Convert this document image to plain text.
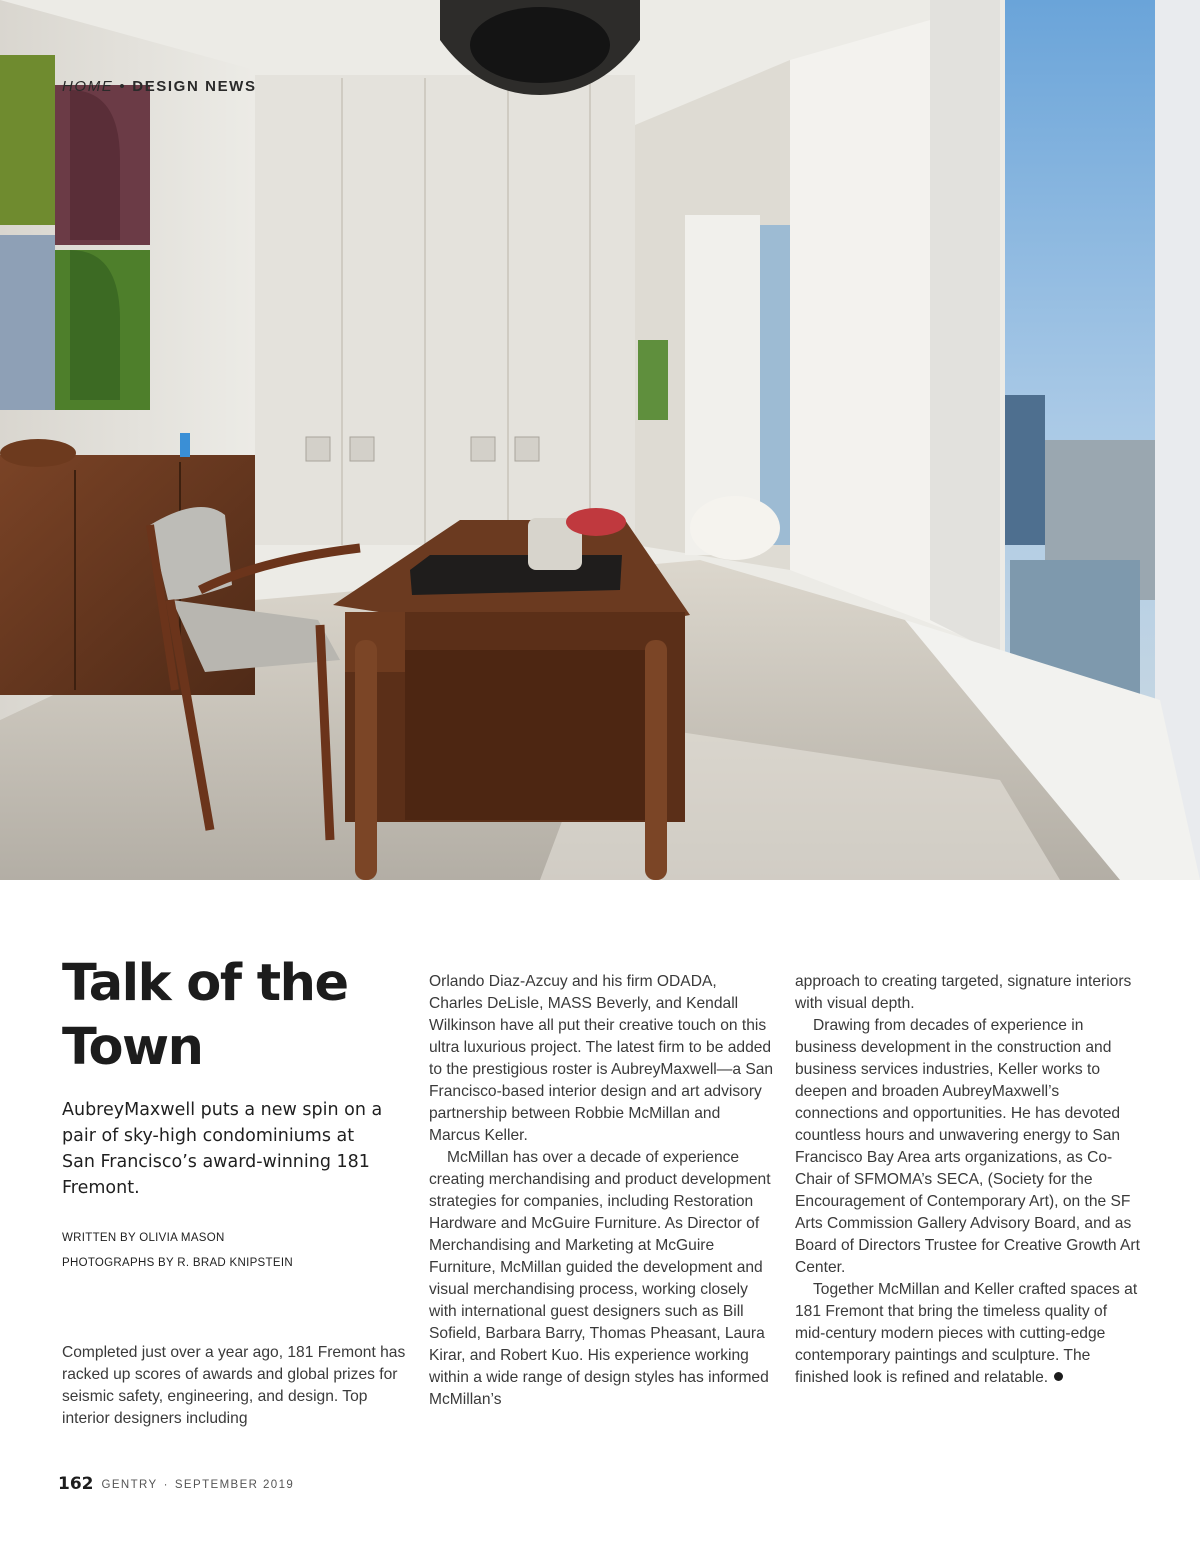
HOME • DESIGN NEWS
Talk of the
Town

AubreyMaxwell puts a new spin on a pair of sky-high condominiums at San Francisco’s award-winning 181 Fremont.

WRITTEN BY OLIVIA MASON
PHOTOGRAPHS BY R. BRAD KNIPSTEIN

Completed just over a year ago, 181 Fremont has racked up scores of awards and global prizes for seismic safety, engineering, and design. Top interior designers including

Orlando Diaz-Azcuy and his firm ODADA, Charles DeLisle, MASS Beverly, and Kendall Wilkinson have all put their creative touch on this ultra luxurious project. The latest firm to be added to the prestigious roster is AubreyMaxwell—a San Francisco-based interior design and art advisory partnership between Robbie McMillan and Marcus Keller.

McMillan has over a decade of experience creating merchandising and product development strategies for companies, including Restoration Hardware and McGuire Furniture. As Director of Merchandising and Marketing at McGuire Furniture, McMillan guided the development and visual merchandising process, working closely with international guest designers such as Bill Sofield, Barbara Barry, Thomas Pheasant, Laura Kirar, and Robert Kuo. His experience working within a wide range of design styles has informed McMillan’s

approach to creating targeted, signature interiors with visual depth.

Drawing from decades of experience in business development in the construction and business services industries, Keller works to deepen and broaden AubreyMaxwell’s connections and opportunities. He has devoted countless hours and unwavering energy to San Francisco Bay Area arts organizations, as Co-Chair of SFMOMA’s SECA, (Society for the Encouragement of Contemporary Art), on the SF Arts Commission Gallery Advisory Board, and as Board of Directors Trustee for Creative Growth Art Center.

Together McMillan and Keller crafted spaces at 181 Fremont that bring the timeless quality of mid-century modern pieces with cutting-edge contemporary paintings and sculpture. The finished look is refined and relatable.

162 GENTRY · SEPTEMBER 2019
